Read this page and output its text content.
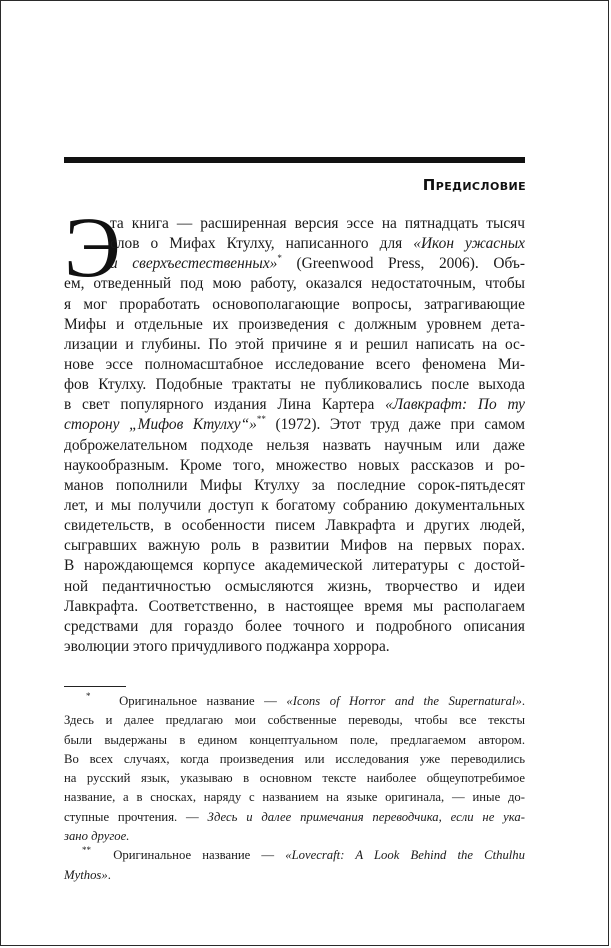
Предисловие
Э
та книга — расширенная версия эссе на пятнадцать тысяч
слов о Мифах Ктулху, написанного для «Икон ужасных
и сверхъестественных»* (Greenwood Press, 2006). Объ-
ем, отведенный под мою работу, оказался недостаточным, чтобы
я мог проработать основополагающие вопросы, затрагивающие
Мифы и отдельные их произведения с должным уровнем дета-
лизации и глубины. По этой причине я и решил написать на ос-
нове эссе полномасштабное исследование всего феномена Ми-
фов Ктулху. Подобные трактаты не публиковались после выхода
в свет популярного издания Лина Картера «Лавкрафт: По ту
сторону „Мифов Ктулху“»** (1972). Этот труд даже при самом
доброжелательном подходе нельзя назвать научным или даже
наукообразным. Кроме того, множество новых рассказов и ро-
манов пополнили Мифы Ктулху за последние сорок-пятьдесят
лет, и мы получили доступ к богатому собранию документальных
свидетельств, в особенности писем Лавкрафта и других людей,
сыгравших важную роль в развитии Мифов на первых порах.
В нарождающемся корпусе академической литературы с достой-
ной педантичностью осмысляются жизнь, творчество и идеи
Лавкрафта. Соответственно, в настоящее время мы располагаем
средствами для гораздо более точного и подробного описания
эволюции этого причудливого поджанра хоррора.
* Оригинальное название — «Icons of Horror and the Supernatural».
Здесь и далее предлагаю мои собственные переводы, чтобы все тексты
были выдержаны в едином концептуальном поле, предлагаемом автором.
Во всех случаях, когда произведения или исследования уже переводились
на русский язык, указываю в основном тексте наиболее общеупотребимое
название, а в сносках, наряду с названием на языке оригинала, — иные до-
ступные прочтения. — Здесь и далее примечания переводчика, если не ука-
зано другое.
** Оригинальное название — «Lovecraft: A Look Behind the Cthulhu
Mythos».
